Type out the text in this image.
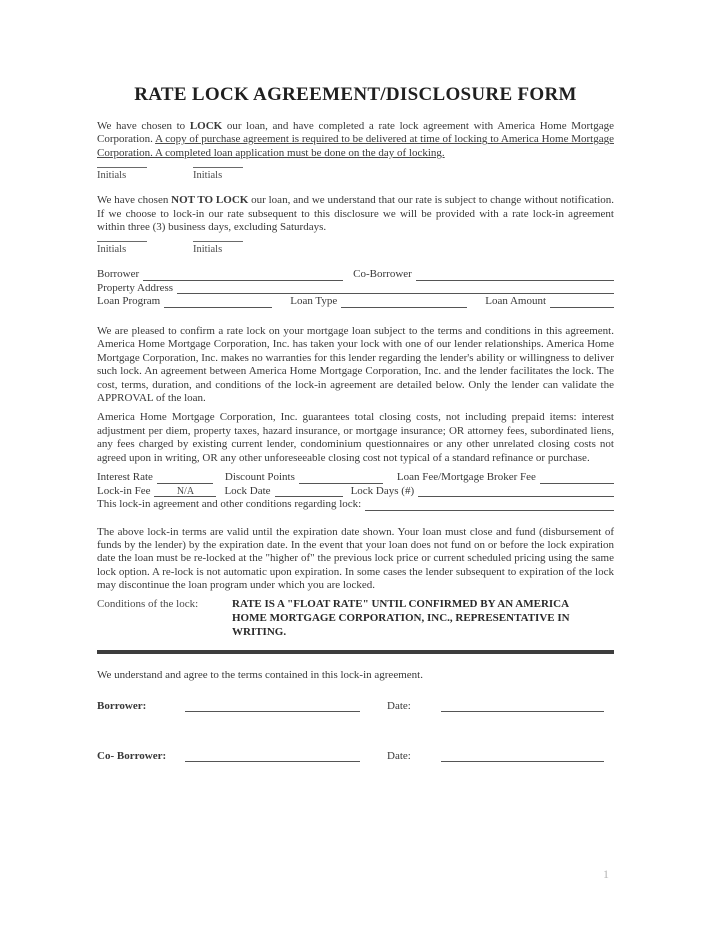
RATE LOCK AGREEMENT/DISCLOSURE FORM

We have chosen to LOCK our loan, and have completed a rate lock agreement with America Home Mortgage Corporation. A copy of purchase agreement is required to be delivered at time of locking to America Home Mortgage Corporation. A completed loan application must be done on the day of locking.

Initials	Initials

We have chosen NOT TO LOCK our loan, and we understand that our rate is subject to change without notification. If we choose to lock-in our rate subsequent to this disclosure we will be provided with a rate lock-in agreement within three (3) business days, excluding Saturdays.

Initials	Initials
Borrower	Co-Borrower
Property Address
Loan Program	Loan Type	Loan Amount

We are pleased to confirm a rate lock on your mortgage loan subject to the terms and conditions in this agreement. America Home Mortgage Corporation, Inc. has taken your lock with one of our lender relationships. America Home Mortgage Corporation, Inc. makes no warranties for this lender regarding the lender's ability or willingness to deliver such lock. An agreement between America Home Mortgage Corporation, Inc. and the lender facilitates the lock. The cost, terms, duration, and conditions of the lock-in agreement are detailed below. Only the lender can validate the APPROVAL of the loan.

America Home Mortgage Corporation, Inc. guarantees total closing costs, not including prepaid items: interest adjustment per diem, property taxes, hazard insurance, or mortgage insurance; OR attorney fees, subordinated liens, any fees charged by existing current lender, condominium questionnaires or any other unrelated closing costs not agreed upon in writing, OR any other unforeseeable closing cost not typical of a standard refinance or purchase.

Interest Rate	Discount Points	Loan Fee/Mortgage Broker Fee
Lock-in Fee	N/A	Lock Date	Lock Days (#)
This lock-in agreement and other conditions regarding lock:

The above lock-in terms are valid until the expiration date shown. Your loan must close and fund (disbursement of funds by the lender) by the expiration date. In the event that your loan does not fund on or before the lock expiration date the loan must be re-locked at the "higher of" the previous lock price or current scheduled pricing using the same lock option. A re-lock is not automatic upon expiration. In some cases the lender subsequent to expiration of the lock may discontinue the loan program under which you are locked.

Conditions of the lock:	RATE IS A "FLOAT RATE" UNTIL CONFIRMED BY AN AMERICA HOME MORTGAGE CORPORATION, INC., REPRESENTATIVE IN WRITING.

We understand and agree to the terms contained in this lock-in agreement.

Borrower:	Date:
Co- Borrower:	Date:
1
